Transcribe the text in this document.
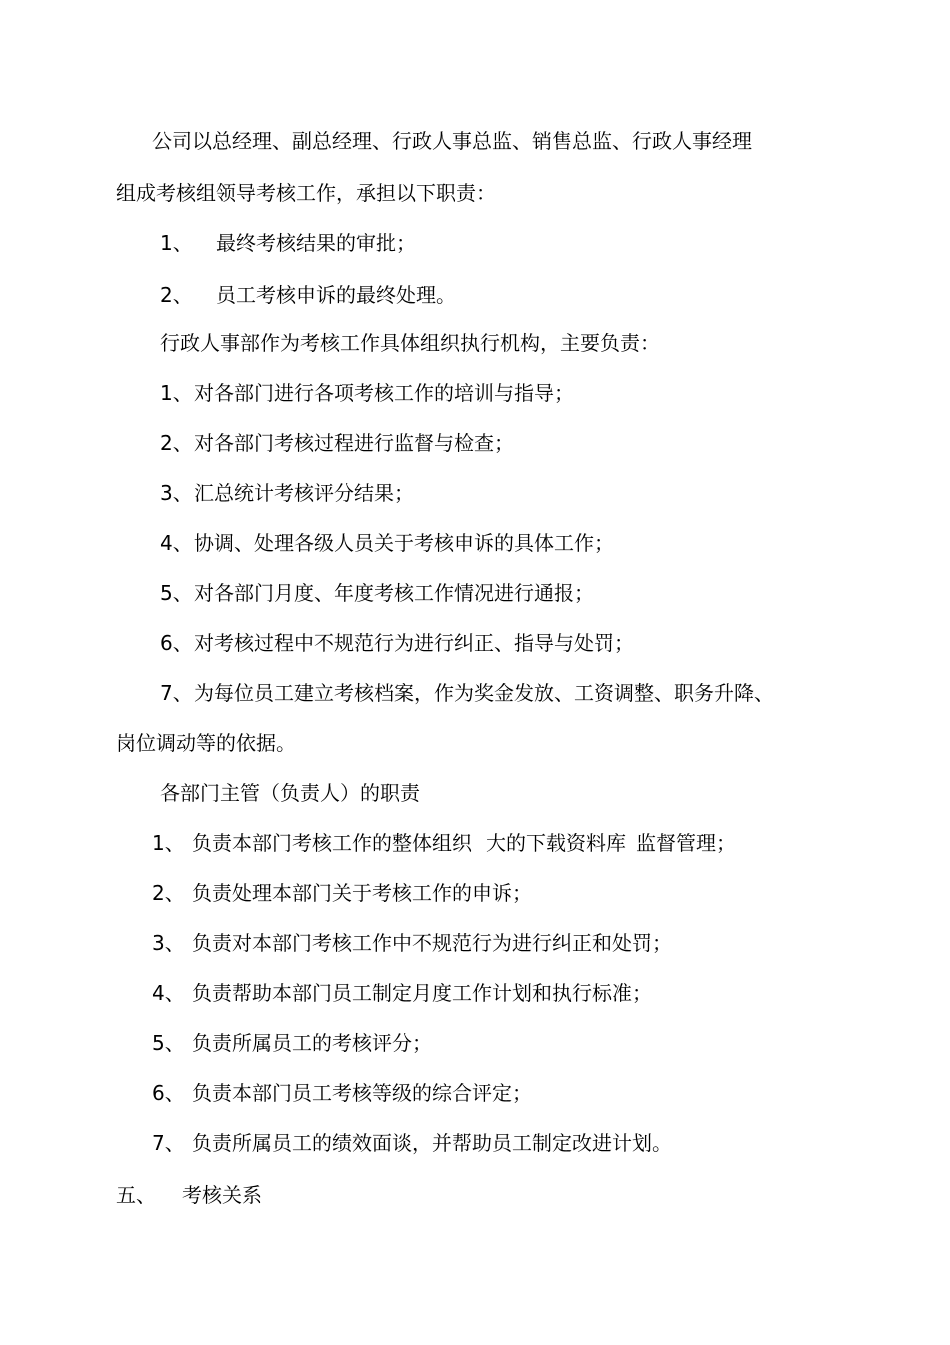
公司以总经理、副总经理、行政人事总监、销售总监、行政人事经理
组成考核组领导考核工作，承担以下职责：
1、 最终考核结果的审批；
2、 员工考核申诉的最终处理。
行政人事部作为考核工作具体组织执行机构，主要负责：
1、对各部门进行各项考核工作的培训与指导；
2、对各部门考核过程进行监督与检查；
3、汇总统计考核评分结果；
4、协调、处理各级人员关于考核申诉的具体工作；
5、对各部门月度、年度考核工作情况进行通报；
6、对考核过程中不规范行为进行纠正、指导与处罚；
7、为每位员工建立考核档案，作为奖金发放、工资调整、职务升降、
岗位调动等的依据。
各部门主管（负责人）的职责
1、 负责本部门考核工作的整体组织 大的下载资料库 监督管理；
2、 负责处理本部门关于考核工作的申诉；
3、 负责对本部门考核工作中不规范行为进行纠正和处罚；
4、 负责帮助本部门员工制定月度工作计划和执行标准；
5、 负责所属员工的考核评分；
6、 负责本部门员工考核等级的综合评定；
7、 负责所属员工的绩效面谈，并帮助员工制定改进计划。
五、 考核关系
